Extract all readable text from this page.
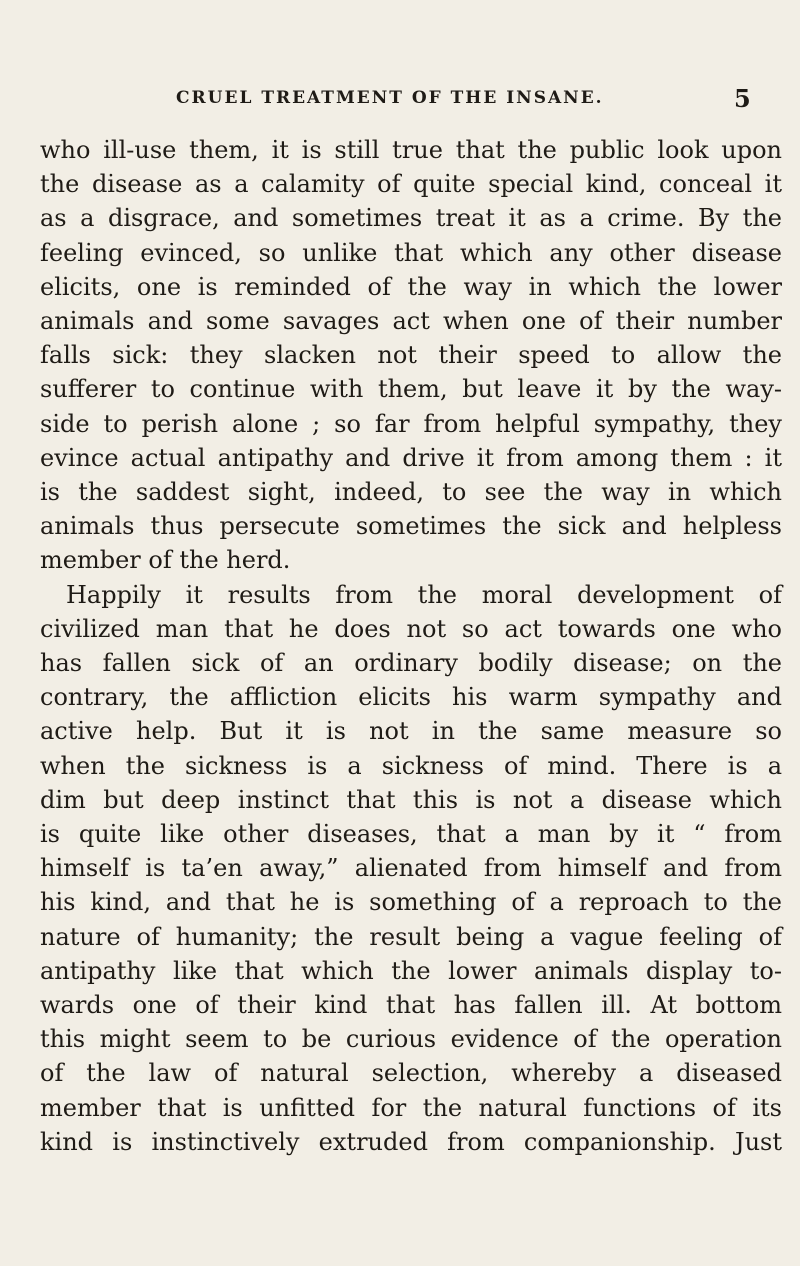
CRUEL TREATMENT OF THE INSANE.	5
who ill-use them, it is still true that the public look upon
the disease as a calamity of quite special kind, conceal it
as a disgrace, and sometimes treat it as a crime. By the
feeling evinced, so unlike that which any other disease
elicits, one is reminded of the way in which the lower
animals and some savages act when one of their number
falls sick: they slacken not their speed to allow the
sufferer to continue with them, but leave it by the way-
side to perish alone ; so far from helpful sympathy, they
evince actual antipathy and drive it from among them : it
is the saddest sight, indeed, to see the way in which
animals thus persecute sometimes the sick and helpless
member of the herd.
Happily it results from the moral development of
civilized man that he does not so act towards one who
has fallen sick of an ordinary bodily disease; on the
contrary, the affliction elicits his warm sympathy and
active help. But it is not in the same measure so
when the sickness is a sickness of mind. There is a
dim but deep instinct that this is not a disease which
is quite like other diseases, that a man by it “ from
himself is ta’en away,” alienated from himself and from
his kind, and that he is something of a reproach to the
nature of humanity; the result being a vague feeling of
antipathy like that which the lower animals display to-
wards one of their kind that has fallen ill. At bottom
this might seem to be curious evidence of the operation
of the law of natural selection, whereby a diseased
member that is unfitted for the natural functions of its
kind is instinctively extruded from companionship. Just
